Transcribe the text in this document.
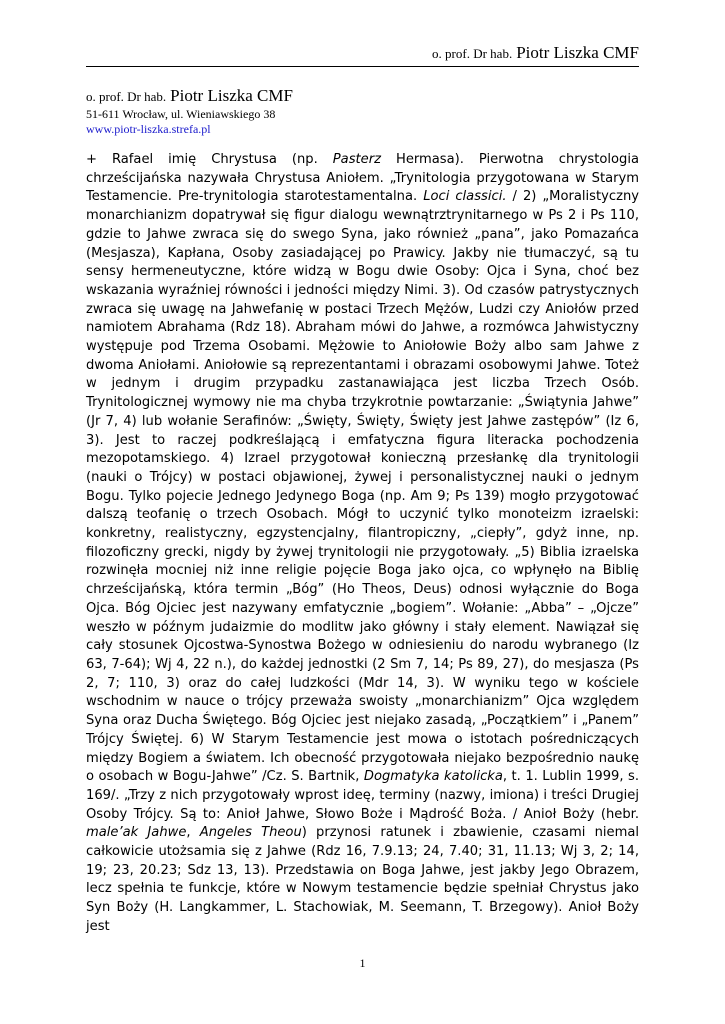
o. prof. Dr hab. Piotr Liszka CMF
o. prof. Dr hab. Piotr Liszka CMF
51-611 Wrocław, ul. Wieniawskiego 38
www.piotr-liszka.strefa.pl

+ Rafael imię Chrystusa (np. Pasterz Hermasa). Pierwotna chrystologia chrześcijańska nazywała Chrystusa Aniołem. „Trynitologia przygotowana w Starym Testamencie. Pre-trynitologia starotestamentalna. Loci classici. / 2) „Moralistyczny monarchianizm dopatrywał się figur dialogu wewnątrztrynitarnego w Ps 2 i Ps 110, gdzie to Jahwe zwraca się do swego Syna, jako również „pana”, jako Pomazańca (Mesjasza), Kapłana, Osoby zasiadającej po Prawicy. Jakby nie tłumaczyć, są tu sensy hermeneutyczne, które widzą w Bogu dwie Osoby: Ojca i Syna, choć bez wskazania wyraźniej równości i jedności między Nimi. 3). Od czasów patrystycznych zwraca się uwagę na Jahwefanię w postaci Trzech Mężów, Ludzi czy Aniołów przed namiotem Abrahama (Rdz 18). Abraham mówi do Jahwe, a rozmówca Jahwistyczny występuje pod Trzema Osobami. Mężowie to Aniołowie Boży albo sam Jahwe z dwoma Aniołami. Aniołowie są reprezentantami i obrazami osobowymi Jahwe. Toteż w jednym i drugim przypadku zastanawiająca jest liczba Trzech Osób. Trynitologicznej wymowy nie ma chyba trzykrotnie powtarzanie: „Świątynia Jahwe” (Jr 7, 4) lub wołanie Serafinów: „Święty, Święty, Święty jest Jahwe zastępów” (Iz 6, 3). Jest to raczej podkreślającą i emfatyczna figura literacka pochodzenia mezopotamskiego. 4) Izrael przygotował konieczną przesłankę dla trynitologii (nauki o Trójcy) w postaci objawionej, żywej i personalistycznej nauki o jednym Bogu. Tylko pojecie Jednego Jedynego Boga (np. Am 9; Ps 139) mogło przygotować dalszą teofanię o trzech Osobach. Mógł to uczynić tylko monoteizm izraelski: konkretny, realistyczny, egzystencjalny, filantropiczny, „ciepły”, gdyż inne, np. filozoficzny grecki, nigdy by żywej trynitologii nie przygotowały. „5) Biblia izraelska rozwinęła mocniej niż inne religie pojęcie Boga jako ojca, co wpłynęło na Biblię chrześcijańską, która termin „Bóg” (Ho Theos, Deus) odnosi wyłącznie do Boga Ojca. Bóg Ojciec jest nazywany emfatycznie „bogiem”. Wołanie: „Abba” – „Ojcze” weszło w późnym judaizmie do modlitw jako główny i stały element. Nawiązał się cały stosunek Ojcostwa-Synostwa Bożego w odniesieniu do narodu wybranego (Iz 63, 7-64); Wj 4, 22 n.), do każdej jednostki (2 Sm 7, 14; Ps 89, 27), do mesjasza (Ps 2, 7; 110, 3) oraz do całej ludzkości (Mdr 14, 3). W wyniku tego w kościele wschodnim w nauce o trójcy przeważa swoisty „monarchianizm” Ojca względem Syna oraz Ducha Świętego. Bóg Ojciec jest niejako zasadą, „Początkiem” i „Panem” Trójcy Świętej. 6) W Starym Testamencie jest mowa o istotach pośredniczących między Bogiem a światem. Ich obecność przygotowała niejako bezpośrednio naukę o osobach w Bogu-Jahwe” /Cz. S. Bartnik, Dogmatyka katolicka, t. 1. Lublin 1999, s. 169/. „Trzy z nich przygotowały wprost ideę, terminy (nazwy, imiona) i treści Drugiej Osoby Trójcy. Są to: Anioł Jahwe, Słowo Boże i Mądrość Boża. / Anioł Boży (hebr. male’ak Jahwe, Angeles Theou) przynosi ratunek i zbawienie, czasami niemal całkowicie utożsamia się z Jahwe (Rdz 16, 7.9.13; 24, 7.40; 31, 11.13; Wj 3, 2; 14, 19; 23, 20.23; Sdz 13, 13). Przedstawia on Boga Jahwe, jest jakby Jego Obrazem, lecz spełnia te funkcje, które w Nowym testamencie będzie spełniał Chrystus jako Syn Boży (H. Langkammer, L. Stachowiak, M. Seemann, T. Brzegowy). Anioł Boży jest

1
